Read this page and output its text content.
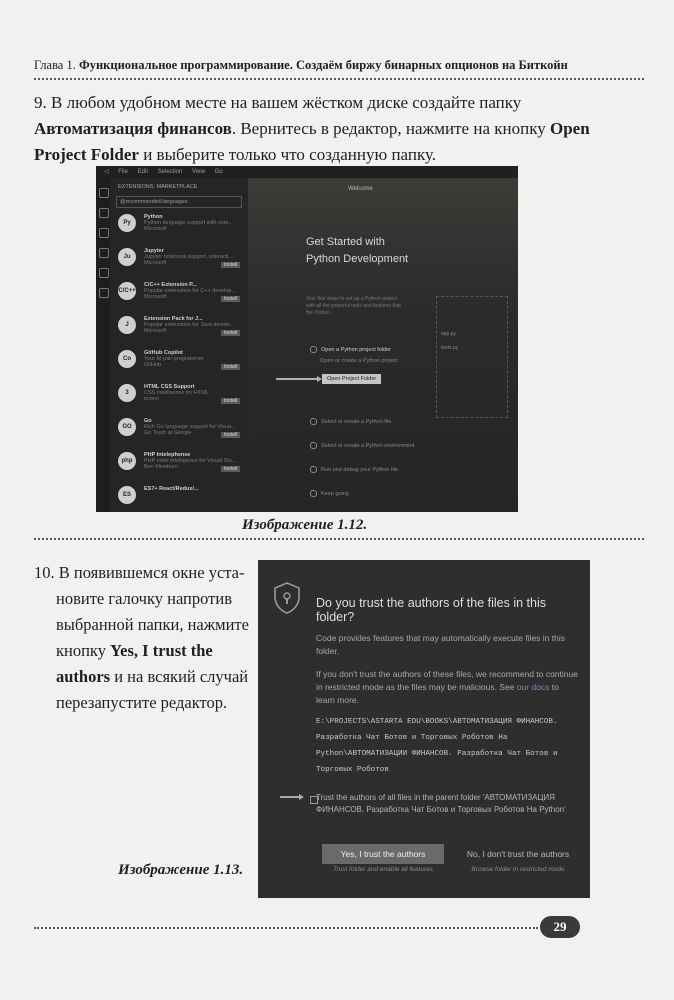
Глава 1. Функциональное программирование. Создаём биржу бинарных опционов на Биткойн
9. В любом удобном месте на вашем жёстком диске создайте папку Автоматизация финансов. Вернитесь в редактор, нажмите на кнопку Open Project Folder и выберите только что созданную папку.
◁ File Edit Selection View Go
EXTENSIONS: MARKETPLACE
@recommended:languages
Py
Python
Python language support with exte...
Microsoft
Ju
Jupyter
Jupyter notebook support, interacti...
Microsoft	Install
C/C++
C/C++ Extension P...
Popular extensions for C++ develop...
Microsoft	Install
J
Extension Pack for J...
Popular extensions for Java develo...
Microsoft	Install
Co
GitHub Copilot
Your AI pair programmer
GitHub	Install
3
HTML CSS Support
CSS Intellisense for HTML
ecmel	Install
GO
Go
Rich Go language support for Visua...
Go Team at Google	Install
php
PHP Intelephense
PHP code intelligence for Visual Stu...
Ben Mewburn	Install
ES
ES7+ React/Redux/...
Welcome
Get Started with Python Development
Your first steps to set up a Python project with all the powerful tools and features that the Python...
Open a Python project folder
Open or create a Python project
Open Project Folder
Select or create a Python file
Select or create a Python environment
Run and debug your Python file
Keep going
app.py
tests.py
Изображение 1.12.
10. В появившемся окне уста-
новите галочку напротив
выбранной папки, нажмите
кнопку Yes, I trust the
authors и на всякий случай
перезапустите редактор.
Изображение 1.13.
Do you trust the authors of the files in this folder?
Code provides features that may automatically execute files in this folder.
If you don't trust the authors of these files, we recommend to continue in restricted mode as the files may be malicious. See our docs to learn more.
E:\PROJECTS\ASTARTA EDU\BOOKS\АВТОМАТИЗАЦИЯ ФИНАНСОВ. Разработка Чат Ботов и Торговых Роботов На Python\АВТОМАТИЗАЦИИ ФИНАНСОВ. Разработка Чат Ботов и Торговых Роботов
Trust the authors of all files in the parent folder 'АВТОМАТИЗАЦИЯ ФИНАНСОВ. Разработка Чат Ботов и Торговых Роботов На Python'
Yes, I trust the authors	No, I don't trust the authors
Trust folder and enable all features	Browse folder in restricted mode
29
